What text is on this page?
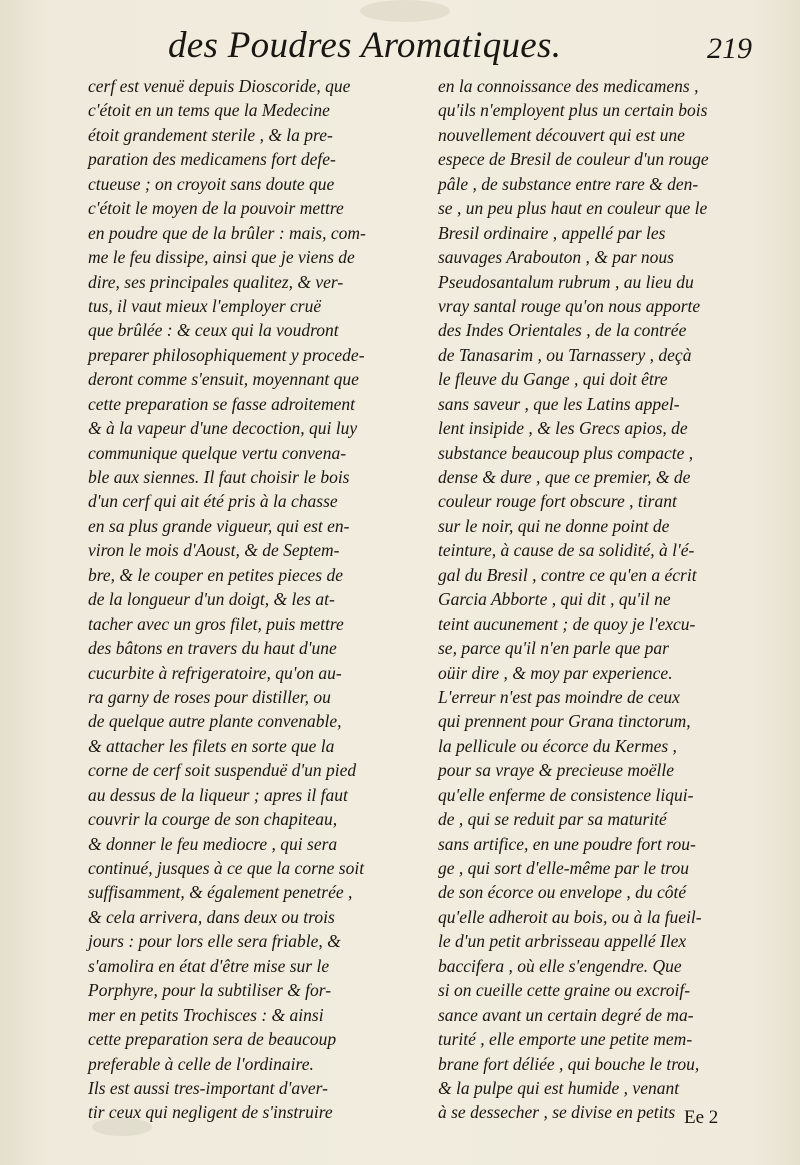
des Poudres Aromatiques.	219
cerf est venuë depuis Dioscoride, que
c'étoit en un tems que la Medecine
étoit grandement sterile , & la pre-
paration des medicamens fort defe-
ctueuse ; on croyoit sans doute que
c'étoit le moyen de la pouvoir mettre
en poudre que de la brûler : mais, com-
me le feu dissipe, ainsi que je viens de
dire, ses principales qualitez, & ver-
tus, il vaut mieux l'employer cruë
que brûlée : & ceux qui la voudront
preparer philosophiquement y procede-
deront comme s'ensuit, moyennant que
cette preparation se fasse adroitement
& à la vapeur d'une decoction, qui luy
communique quelque vertu convena-
ble aux siennes. Il faut choisir le bois
d'un cerf qui ait été pris à la chasse
en sa plus grande vigueur, qui est en-
viron le mois d'Aoust, & de Septem-
bre, & le couper en petites pieces de
de la longueur d'un doigt, & les at-
tacher avec un gros filet, puis mettre
des bâtons en travers du haut d'une
cucurbite à refrigeratoire, qu'on au-
ra garny de roses pour distiller, ou
de quelque autre plante convenable,
& attacher les filets en sorte que la
corne de cerf soit suspenduë d'un pied
au dessus de la liqueur ; apres il faut
couvrir la courge de son chapiteau,
& donner le feu mediocre , qui sera
continué, jusques à ce que la corne soit
suffisamment, & également penetrée ,
& cela arrivera, dans deux ou trois
jours : pour lors elle sera friable, &
s'amolira en état d'être mise sur le
Porphyre, pour la subtiliser & for-
mer en petits Trochisces : & ainsi
cette preparation sera de beaucoup
preferable à celle de l'ordinaire.
Ils est aussi tres-important d'aver-
tir ceux qui negligent de s'instruire
en la connoissance des medicamens ,
qu'ils n'employent plus un certain bois
nouvellement découvert qui est une
espece de Bresil de couleur d'un rouge
pâle , de substance entre rare & den-
se , un peu plus haut en couleur que le
Bresil ordinaire , appellé par les
sauvages Arabouton , & par nous
Pseudosantalum rubrum , au lieu du
vray santal rouge qu'on nous apporte
des Indes Orientales , de la contrée
de Tanasarim , ou Tarnassery , deçà
le fleuve du Gange , qui doit être
sans saveur , que les Latins appel-
lent insipide , & les Grecs apios, de
substance beaucoup plus compacte ,
dense & dure , que ce premier, & de
couleur rouge fort obscure , tirant
sur le noir, qui ne donne point de
teinture, à cause de sa solidité, à l'é-
gal du Bresil , contre ce qu'en a écrit
Garcia Abborte , qui dit , qu'il ne
teint aucunement ; de quoy je l'excu-
se, parce qu'il n'en parle que par
oüir dire , & moy par experience.
L'erreur n'est pas moindre de ceux
qui prennent pour Grana tinctorum,
la pellicule ou écorce du Kermes ,
pour sa vraye & precieuse moëlle
qu'elle enferme de consistence liqui-
de , qui se reduit par sa maturité
sans artifice, en une poudre fort rou-
ge , qui sort d'elle-même par le trou
de son écorce ou envelope , du côté
qu'elle adheroit au bois, ou à la fueil-
le d'un petit arbrisseau appellé Ilex
baccifera , où elle s'engendre. Que
si on cueille cette graine ou excroif-
sance avant un certain degré de ma-
turité , elle emporte une petite mem-
brane fort déliée , qui bouche le trou,
& la pulpe qui est humide , venant
à se dessecher , se divise en petits Ee 2
